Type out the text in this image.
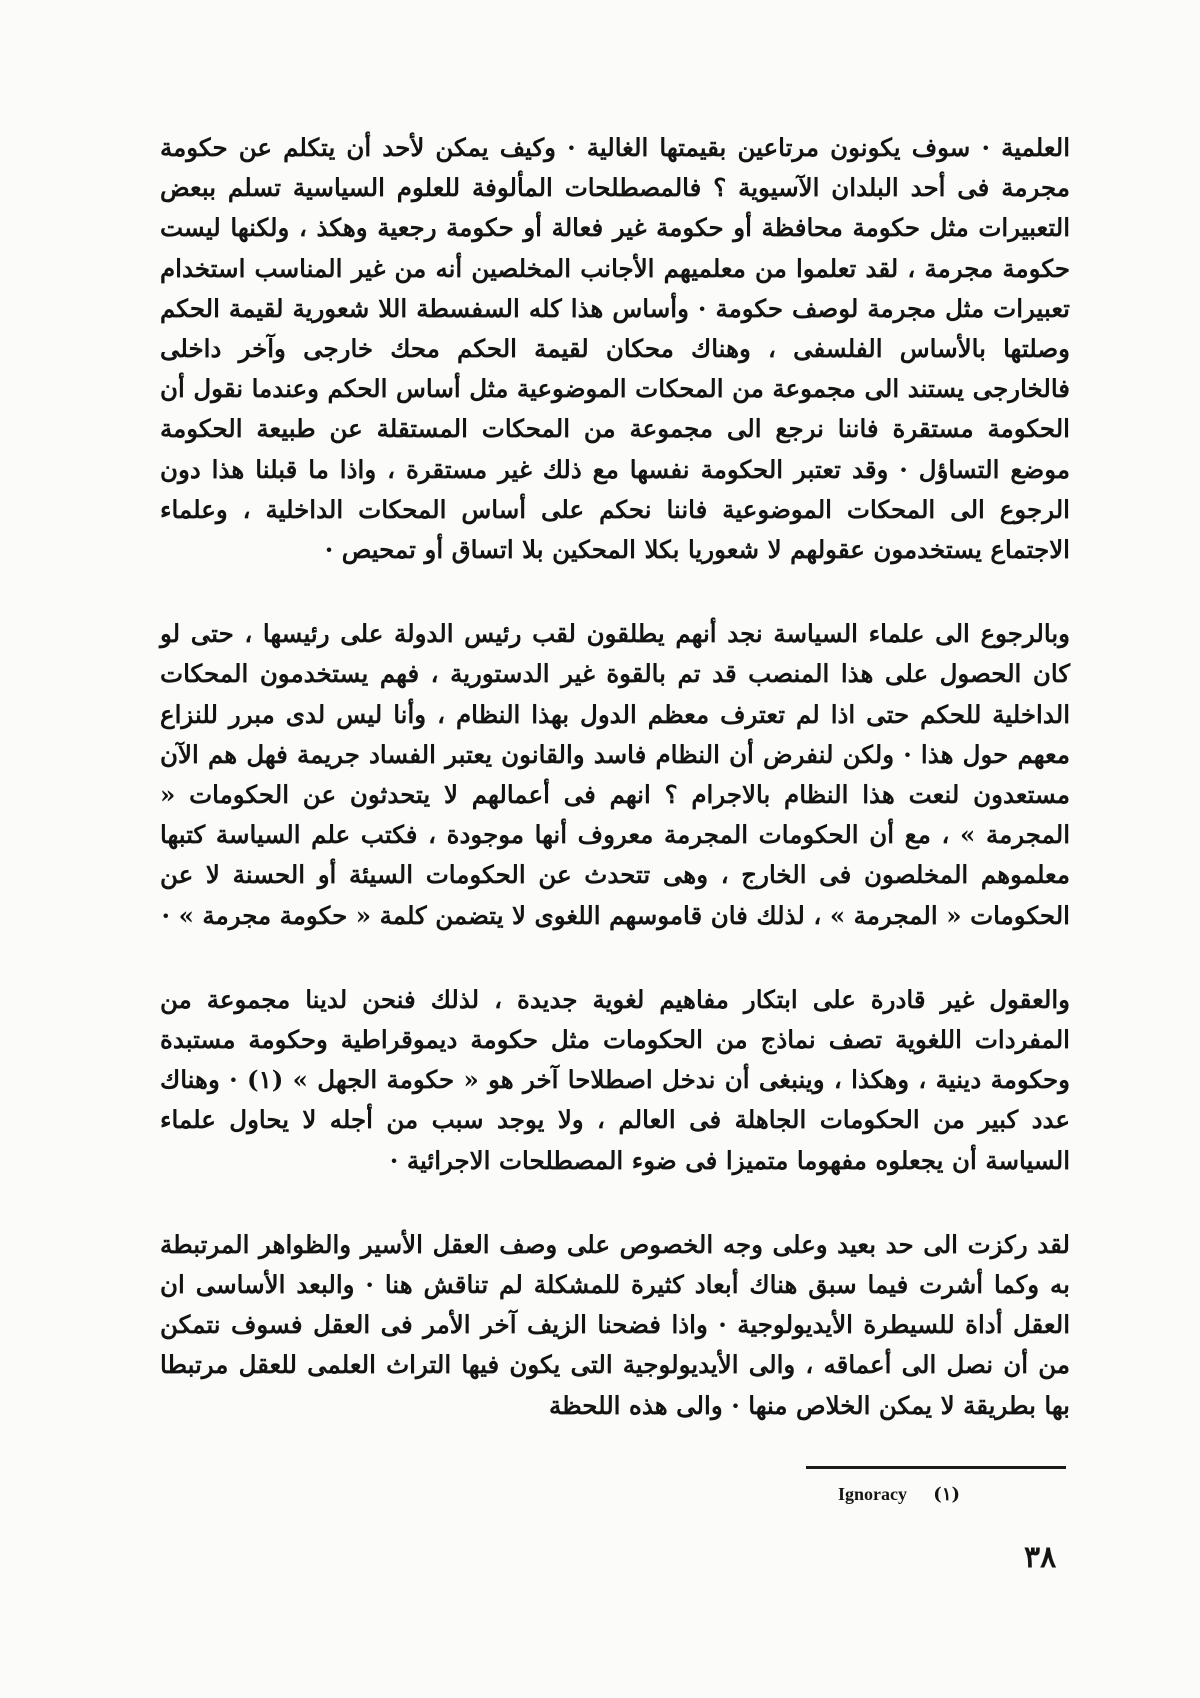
العلمية · سوف يكونون مرتاعين بقيمتها الغالية · وكيف يمكن لأحد أن يتكلم عن حكومة مجرمة فى أحد البلدان الآسيوية ؟ فالمصطلحات المألوفة للعلوم السياسية تسلم ببعض التعبيرات مثل حكومة محافظة أو حكومة غير فعالة أو حكومة رجعية وهكذ ، ولكنها ليست حكومة مجرمة ، لقد تعلموا من معلميهم الأجانب المخلصين أنه من غير المناسب استخدام تعبيرات مثل مجرمة لوصف حكومة · وأساس هذا كله السفسطة اللا شعورية لقيمة الحكم وصلتها بالأساس الفلسفى ، وهناك محكان لقيمة الحكم محك خارجى وآخر داخلى فالخارجى يستند الى مجموعة من المحكات الموضوعية مثل أساس الحكم وعندما نقول أن الحكومة مستقرة فاننا نرجع الى مجموعة من المحكات المستقلة عن طبيعة الحكومة موضع التساؤل · وقد تعتبر الحكومة نفسها مع ذلك غير مستقرة ، واذا ما قبلنا هذا دون الرجوع الى المحكات الموضوعية فاننا نحكم على أساس المحكات الداخلية ، وعلماء الاجتماع يستخدمون عقولهم لا شعوريا بكلا المحكين بلا اتساق أو تمحيص ·

وبالرجوع الى علماء السياسة نجد أنهم يطلقون لقب رئيس الدولة على رئيسها ، حتى لو كان الحصول على هذا المنصب قد تم بالقوة غير الدستورية ، فهم يستخدمون المحكات الداخلية للحكم حتى اذا لم تعترف معظم الدول بهذا النظام ، وأنا ليس لدى مبرر للنزاع معهم حول هذا · ولكن لنفرض أن النظام فاسد والقانون يعتبر الفساد جريمة فهل هم الآن مستعدون لنعت هذا النظام بالاجرام ؟ انهم فى أعمالهم لا يتحدثون عن الحكومات « المجرمة » ، مع أن الحكومات المجرمة معروف أنها موجودة ، فكتب علم السياسة كتبها معلموهم المخلصون فى الخارج ، وهى تتحدث عن الحكومات السيئة أو الحسنة لا عن الحكومات « المجرمة » ، لذلك فان قاموسهم اللغوى لا يتضمن كلمة « حكومة مجرمة » ·

والعقول غير قادرة على ابتكار مفاهيم لغوية جديدة ، لذلك فنحن لدينا مجموعة من المفردات اللغوية تصف نماذج من الحكومات مثل حكومة ديموقراطية وحكومة مستبدة وحكومة دينية ، وهكذا ، وينبغى أن ندخل اصطلاحا آخر هو « حكومة الجهل » (١) · وهناك عدد كبير من الحكومات الجاهلة فى العالم ، ولا يوجد سبب من أجله لا يحاول علماء السياسة أن يجعلوه مفهوما متميزا فى ضوء المصطلحات الاجرائية ·

لقد ركزت الى حد بعيد وعلى وجه الخصوص على وصف العقل الأسير والظواهر المرتبطة به وكما أشرت فيما سبق هناك أبعاد كثيرة للمشكلة لم تناقش هنا · والبعد الأساسى ان العقل أداة للسيطرة الأيديولوجية · واذا فضحنا الزيف آخر الأمر فى العقل فسوف نتمكن من أن نصل الى أعماقه ، والى الأيديولوجية التى يكون فيها التراث العلمى للعقل مرتبطا بها بطريقة لا يمكن الخلاص منها · والى هذه اللحظة

Ignoracy (١)
٣٨
